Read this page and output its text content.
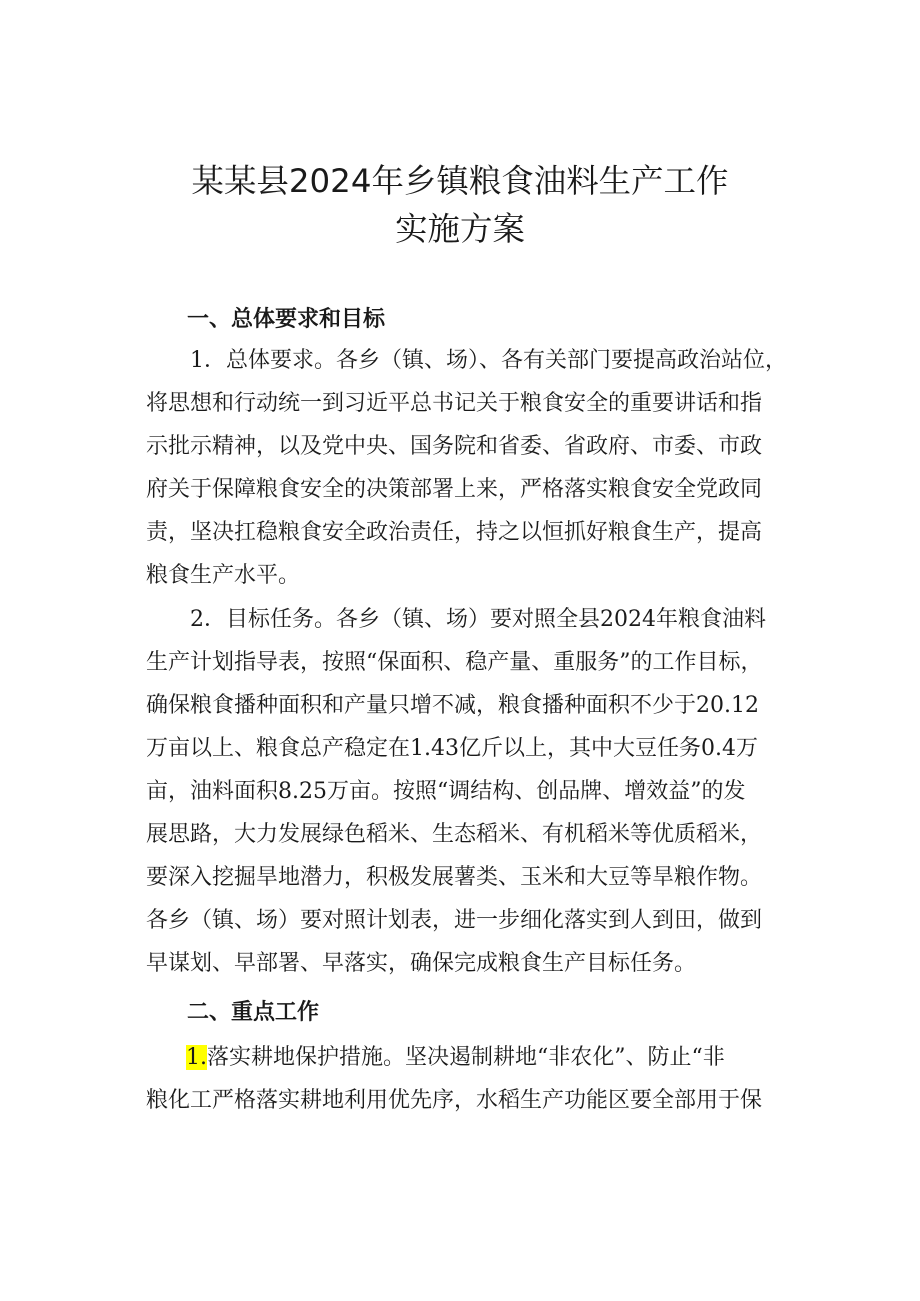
某某县2024年乡镇粮食油料生产工作
实施方案
一、总体要求和目标
1．总体要求。各乡（镇、场）、各有关部门要提高政治站位，
将思想和行动统一到习近平总书记关于粮食安全的重要讲话和指
示批示精神，以及党中央、国务院和省委、省政府、市委、市政
府关于保障粮食安全的决策部署上来，严格落实粮食安全党政同
责，坚决扛稳粮食安全政治责任，持之以恒抓好粮食生产，提高
粮食生产水平。
2．目标任务。各乡（镇、场）要对照全县2024年粮食油料
生产计划指导表，按照“保面积、稳产量、重服务”的工作目标，
确保粮食播种面积和产量只增不减，粮食播种面积不少于20.12
万亩以上、粮食总产稳定在1.43亿斤以上，其中大豆任务0.4万
亩，油料面积8.25万亩。按照“调结构、创品牌、增效益”的发
展思路，大力发展绿色稻米、生态稻米、有机稻米等优质稻米，
要深入挖掘旱地潜力，积极发展薯类、玉米和大豆等旱粮作物。
各乡（镇、场）要对照计划表，进一步细化落实到人到田，做到
早谋划、早部署、早落实，确保完成粮食生产目标任务。
二、重点工作
1.落实耕地保护措施。坚决遏制耕地“非农化”、防止“非
粮化工严格落实耕地利用优先序，水稻生产功能区要全部用于保
